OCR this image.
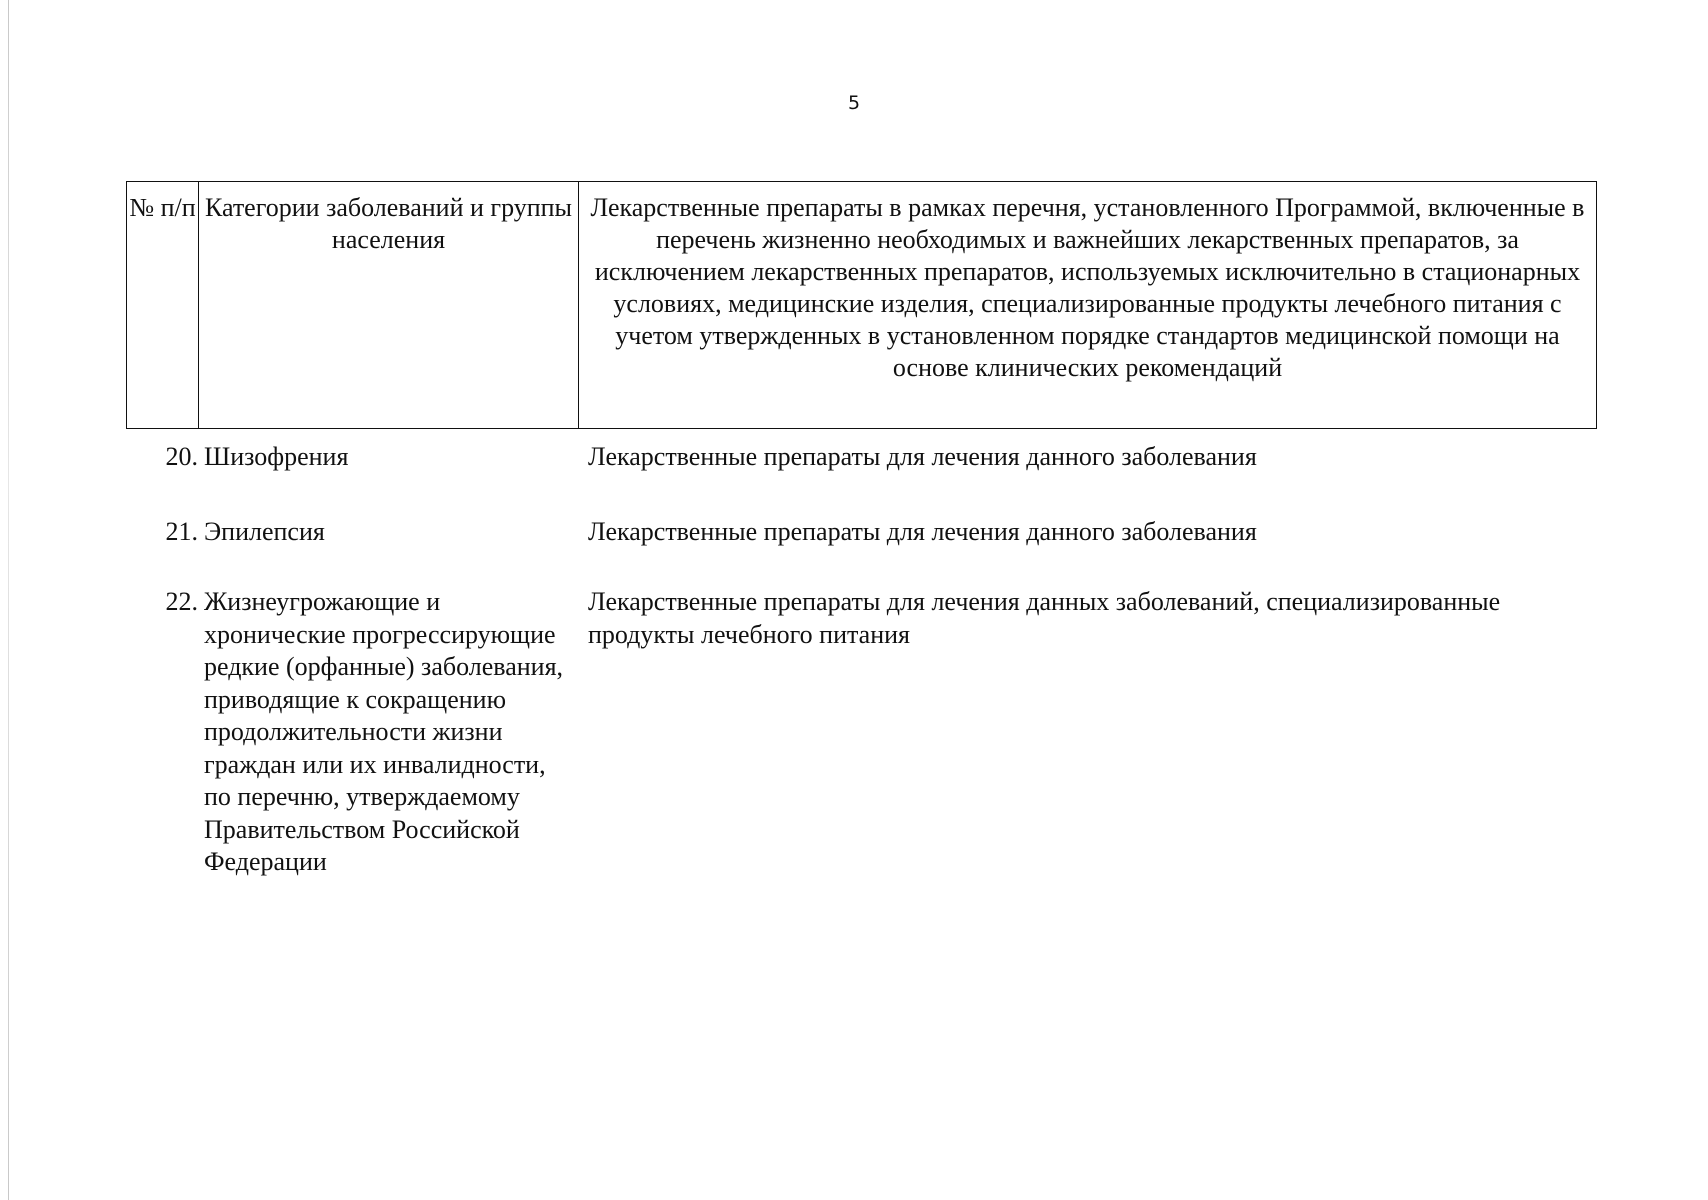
5
№ п/п Категории заболеваний и группы населения
Лекарственные препараты в рамках перечня, установленного Программой, включенные в перечень жизненно необходимых и важнейших лекарственных препаратов, за исключением лекарственных препаратов, используемых исключительно в стационарных условиях, медицинские изделия, специализированные продукты лечебного питания с учетом утвержденных в установленном порядке стандартов медицинской помощи на основе клинических рекомендаций
20. Шизофрения	Лекарственные препараты для лечения данного заболевания
21. Эпилепсия	Лекарственные препараты для лечения данного заболевания
22. Жизнеугрожающие и хронические прогрессирующие редкие (орфанные) заболевания, приводящие к сокращению продолжительности жизни граждан или их инвалидности, по перечню, утверждаемому Правительством Российской Федерации
Лекарственные препараты для лечения данных заболеваний, специализированные продукты лечебного питания
